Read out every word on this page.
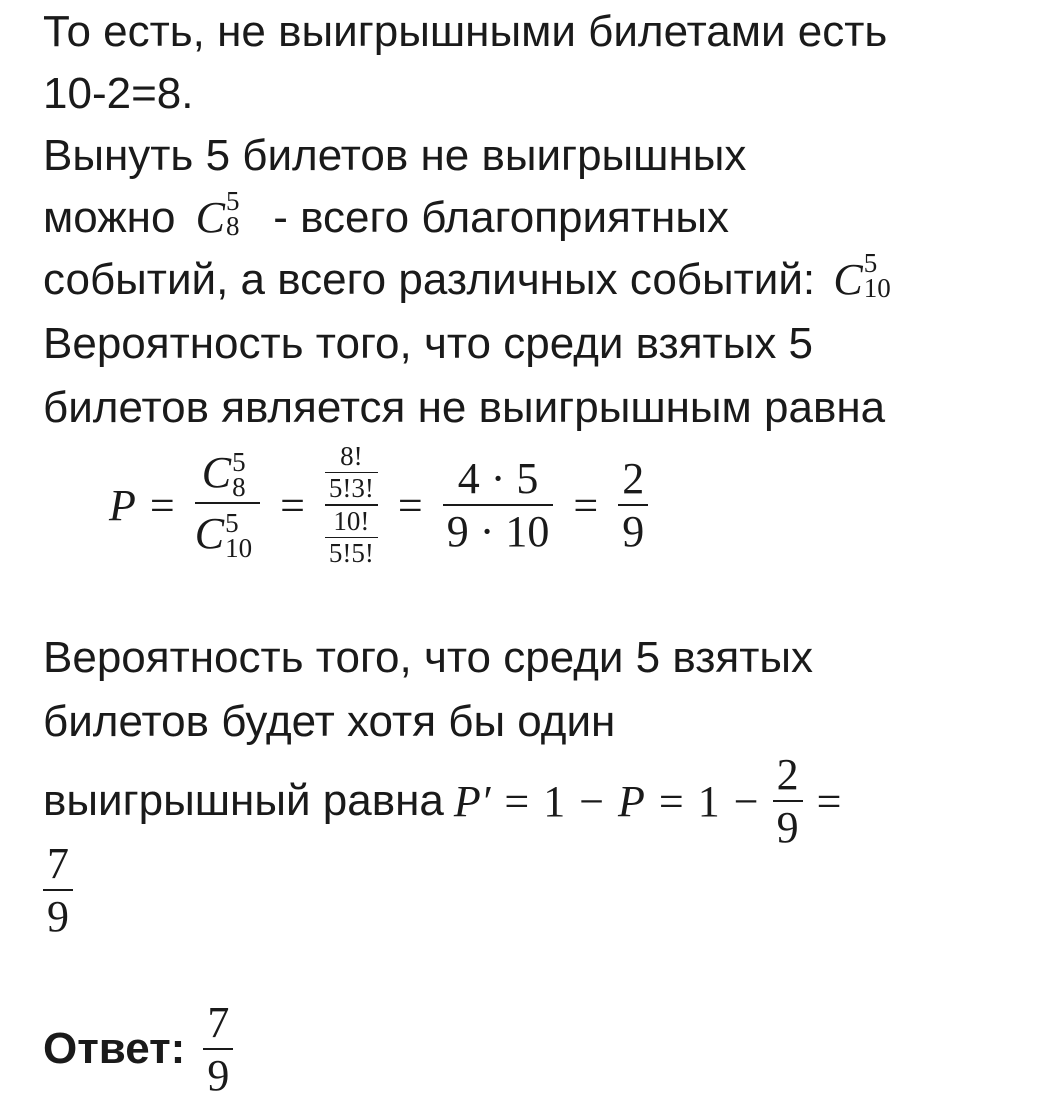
То есть, не выигрышными билетами есть
10-2=8.
Вынуть 5 билетов не выигрышных
можно C 5
8 - всего благоприятных
событий, а всего различных событий: C 5
10
Вероятность того, что среди взятых 5
билетов является не выигрышным равна
P = C 5
8
C 5
$10 = \frac{\frac{8!}{5!3!}}{\frac{10!}{5!5!}} = \frac{4 \cdot 5}{9 \cdot 10} = \frac{2}{9}$
Вероятность того, что среди 5 взятых
билетов будет хотя бы один
выигрышный равна $P' = 1 - P = 1 - \frac{2}{9}$ =
$\frac{7}{9}$
Ответ: $\frac{7}{9}$
